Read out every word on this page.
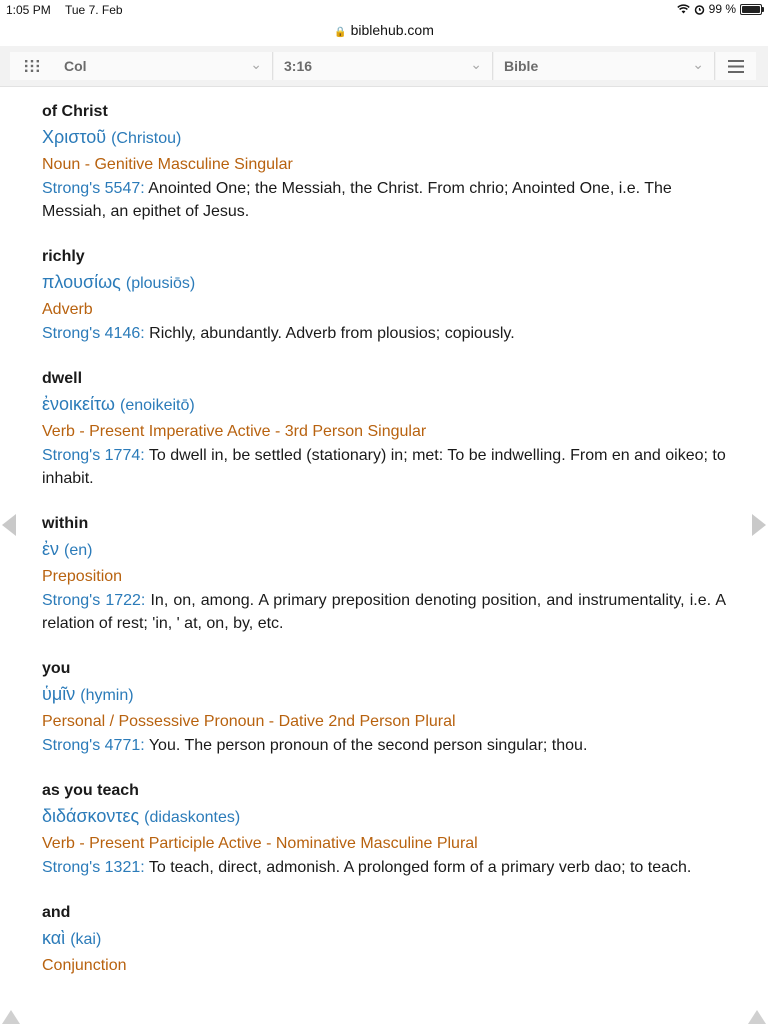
1:05 PM Tue 7. Feb	99 %
🔒 biblehub.com
Col	⌄ 3:16	⌄ Bible	⌄
of Christ
Χριστοῦ (Christou)
Noun - Genitive Masculine Singular
Strong's 5547: Anointed One; the Messiah, the Christ. From chrio; Anointed One, i.e. The Messiah, an epithet of Jesus.
richly
πλουσίως (plousiōs)
Adverb
Strong's 4146: Richly, abundantly. Adverb from plousios; copiously.
dwell
ἐνοικείτω (enoikeitō)
Verb - Present Imperative Active - 3rd Person Singular
Strong's 1774: To dwell in, be settled (stationary) in; met: To be indwelling. From en and oikeo; to inhabit.
within
ἐν (en)
Preposition
Strong's 1722: In, on, among. A primary preposition denoting position, and instrumentality, i.e. A relation of rest; 'in, ' at, on, by, etc.
you
ὑμῖν (hymin)
Personal / Possessive Pronoun - Dative 2nd Person Plural
Strong's 4771: You. The person pronoun of the second person singular; thou.
as you teach
διδάσκοντες (didaskontes)
Verb - Present Participle Active - Nominative Masculine Plural
Strong's 1321: To teach, direct, admonish. A prolonged form of a primary verb dao; to teach.
and
καὶ (kai)
Conjunction
